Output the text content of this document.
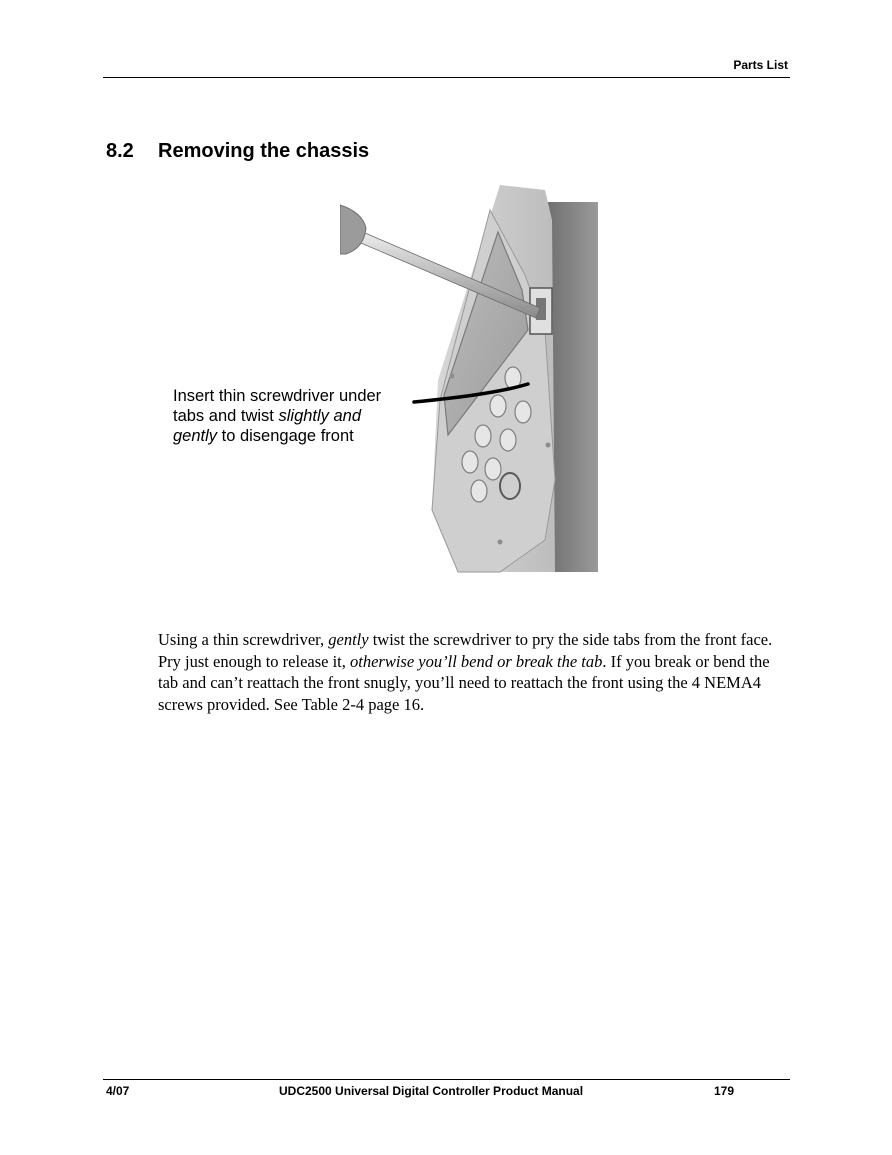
Parts List
8.2 Removing the chassis
Insert thin screwdriver under
tabs and twist slightly and
gently to disengage front

Using a thin screwdriver, gently twist the screwdriver to pry the side tabs from the front face. Pry just enough to release it, otherwise you’ll bend or break the tab. If you break or bend the tab and can’t reattach the front snugly, you’ll need to reattach the front using the 4 NEMA4 screws provided. See Table 2-4 page 16.

4/07	UDC2500 Universal Digital Controller Product Manual	179
